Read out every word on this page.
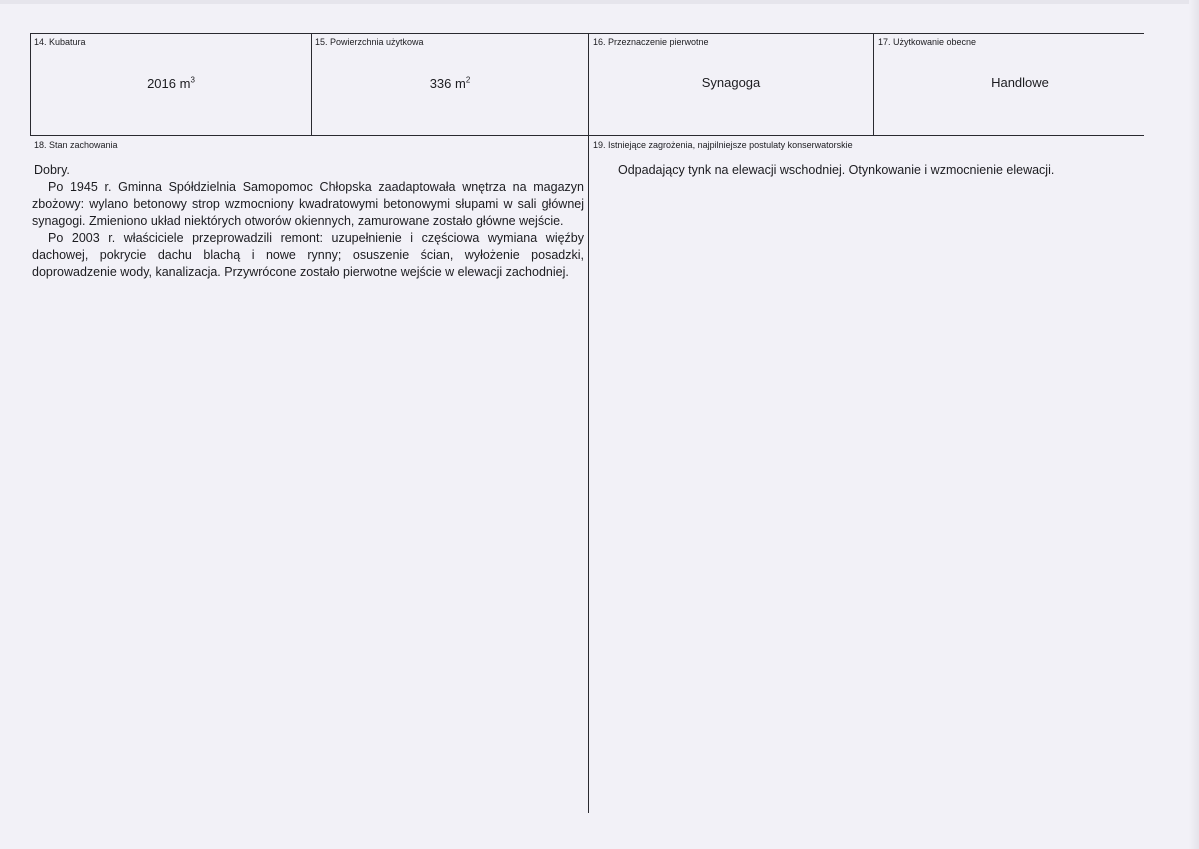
14. Kubatura
2016 $m^3$
15. Powierzchnia użytkowa
336 $m^2$
16. Przeznaczenie pierwotne
Synagoga
17. Użytkowanie obecne
Handlowe
18. Stan zachowania

Dobry.

Po 1945 r. Gminna Spółdzielnia Samopomoc Chłopska zaadaptowała wnętrza na magazyn zbożowy: wylano betonowy strop wzmocniony kwadratowymi betonowymi słupami w sali głównej synagogi. Zmieniono układ niektórych otworów okiennych, zamurowane zostało główne wejście.

Po 2003 r. właściciele przeprowadzili remont: uzupełnienie i częściowa wymiana więźby dachowej, pokrycie dachu blachą i nowe rynny; osuszenie ścian, wyłożenie posadzki, doprowadzenie wody, kanalizacja. Przywrócone zostało pierwotne wejście w elewacji zachodniej.

19. Istniejące zagrożenia, najpilniejsze postulaty konserwatorskie
Odpadający tynk na elewacji wschodniej. Otynkowanie i wzmocnienie elewacji.
